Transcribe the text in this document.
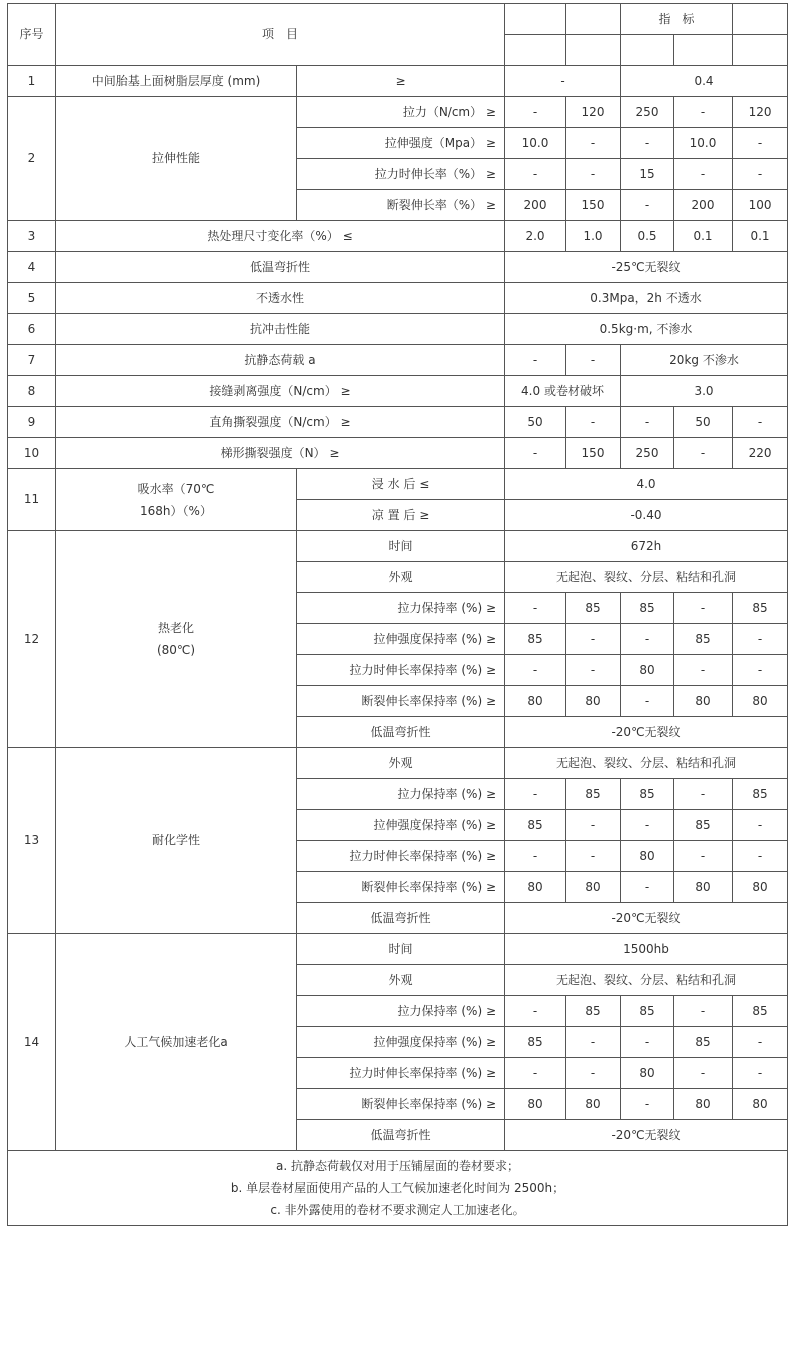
序号	项　目				指　标		

1	中间胎基上面树脂层厚度 (mm)	≥	-		0.4		
2	拉伸性能	拉力（N/cm） ≥	-	120	250	-	120
		拉伸强度（Mpa） ≥	10.0	-	-	10.0	-
		拉力时伸长率（%） ≥	-	-	15	-	-
		断裂伸长率（%） ≥	200	150	-	200	100
3	热处理尺寸变化率（%） ≤		2.0	1.0	0.5	0.1	0.1
4	低温弯折性		-25℃无裂纹				
5	不透水性		0.3Mpa，2h 不透水				
6	抗冲击性能		0.5kg·m, 不渗水				
7	抗静态荷载 a		-	-	20kg 不渗水		
8	接缝剥离强度（N/cm） ≥		4.0 或卷材破坏		3.0		
9	直角撕裂强度（N/cm） ≥		50	-	-	50	-
10	梯形撕裂强度（N） ≥		-	150	250	-	220
11	吸水率（70℃
168h）（%）	浸 水 后 ≤	4.0				
		凉 置 后 ≥	-0.40				
12	热老化
(80℃)	时间	672h				
		外观	无起泡、裂纹、分层、粘结和孔洞				
		拉力保持率 (%) ≥	-	85	85	-	85
		拉伸强度保持率 (%) ≥	85	-	-	85	-
		拉力时伸长率保持率 (%) ≥	-	-	80	-	-
		断裂伸长率保持率 (%) ≥	80	80	-	80	80
		低温弯折性	-20℃无裂纹				
13	耐化学性	外观	无起泡、裂纹、分层、粘结和孔洞				
		拉力保持率 (%) ≥	-	85	85	-	85
		拉伸强度保持率 (%) ≥	85	-	-	85	-
		拉力时伸长率保持率 (%) ≥	-	-	80	-	-
		断裂伸长率保持率 (%) ≥	80	80	-	80	80
		低温弯折性	-20℃无裂纹				
14	人工气候加速老化a	时间	1500hb				
		外观	无起泡、裂纹、分层、粘结和孔洞				
		拉力保持率 (%) ≥	-	85	85	-	85
		拉伸强度保持率 (%) ≥	85	-	-	85	-
		拉力时伸长率保持率 (%) ≥	-	-	80	-	-
		断裂伸长率保持率 (%) ≥	80	80	-	80	80
		低温弯折性	-20℃无裂纹				

a. 抗静态荷载仅对用于压铺屋面的卷材要求；
b. 单层卷材屋面使用产品的人工气候加速老化时间为 2500h；
c. 非外露使用的卷材不要求测定人工加速老化。							
